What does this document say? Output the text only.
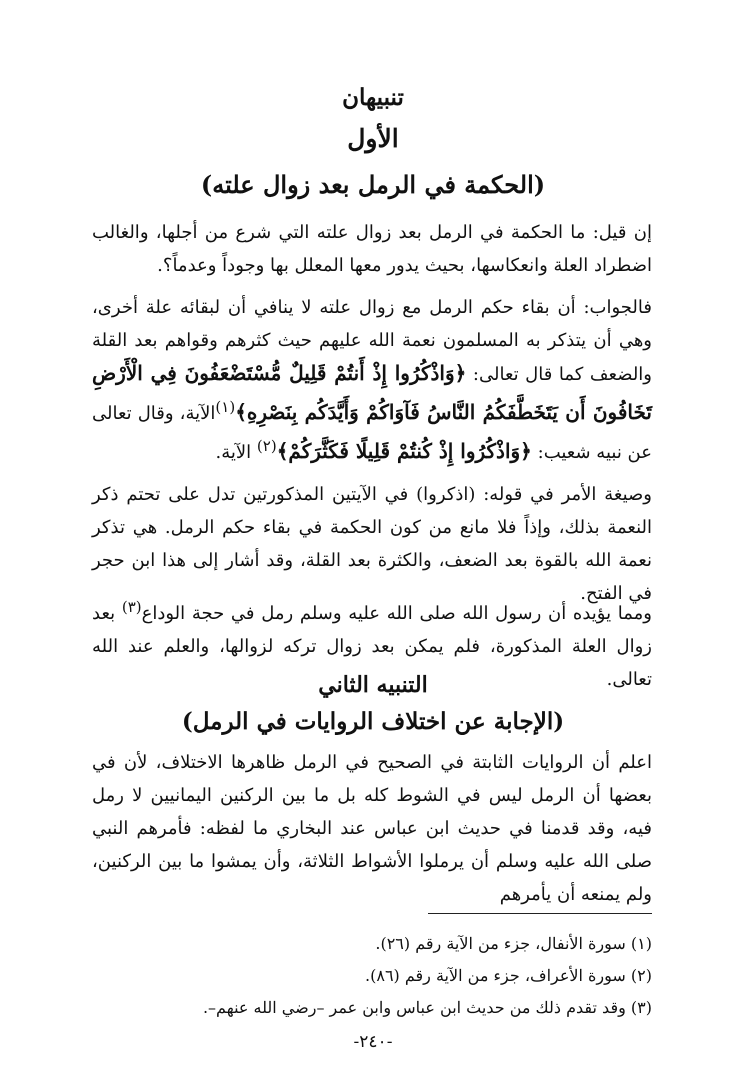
تنبيهان
الأول
(الحكمة في الرمل بعد زوال علته)

إن قيل: ما الحكمة في الرمل بعد زوال علته التي شرع من أجلها، والغالب اضطراد العلة وانعكاسها، بحيث يدور معها المعلل بها وجوداً وعدماً؟.

فالجواب: أن بقاء حكم الرمل مع زوال علته لا ينافي أن لبقائه علة أخرى، وهي أن يتذكر به المسلمون نعمة الله عليهم حيث كثرهم وقواهم بعد القلة والضعف كما قال تعالى: ﴿وَاذْكُرُوا إِذْ أَنتُمْ قَلِيلٌ مُّسْتَضْعَفُونَ فِي الْأَرْضِ تَخَافُونَ أَن يَتَخَطَّفَكُمُ النَّاسُ فَآوَاكُمْ وَأَيَّدَكُم بِنَصْرِهِ﴾$^{(١)}$الآية، وقال تعالى عن نبيه شعيب: ﴿وَاذْكُرُوا إِذْ كُنتُمْ قَلِيلًا فَكَثَّرَكُمْ﴾$^{(٢)}$ الآية.

وصيغة الأمر في قوله: (اذكروا) في الآيتين المذكورتين تدل على تحتم ذكر النعمة بذلك، وإذاً فلا مانع من كون الحكمة في بقاء حكم الرمل. هي تذكر نعمة الله بالقوة بعد الضعف، والكثرة بعد القلة، وقد أشار إلى هذا ابن حجر في الفتح.

ومما يؤيده أن رسول الله صلى الله عليه وسلم رمل في حجة الوداع$^{(٣)}$ بعد زوال العلة المذكورة، فلم يمكن بعد زوال تركه لزوالها، والعلم عند الله تعالى.

التنبيه الثاني
(الإجابة عن اختلاف الروايات في الرمل)

اعلم أن الروايات الثابتة في الصحيح في الرمل ظاهرها الاختلاف، لأن في بعضها أن الرمل ليس في الشوط كله بل ما بين الركنين اليمانيين لا رمل فيه، وقد قدمنا في حديث ابن عباس عند البخاري ما لفظه: فأمرهم النبي صلى الله عليه وسلم أن يرملوا الأشواط الثلاثة، وأن يمشوا ما بين الركنين، ولم يمنعه أن يأمرهم

(١) سورة الأنفال، جزء من الآية رقم (٢٦).
(٢) سورة الأعراف، جزء من الآية رقم (٨٦).
(٣) وقد تقدم ذلك من حديث ابن عباس وابن عمر –رضي الله عنهم–.
-٢٤٠-
